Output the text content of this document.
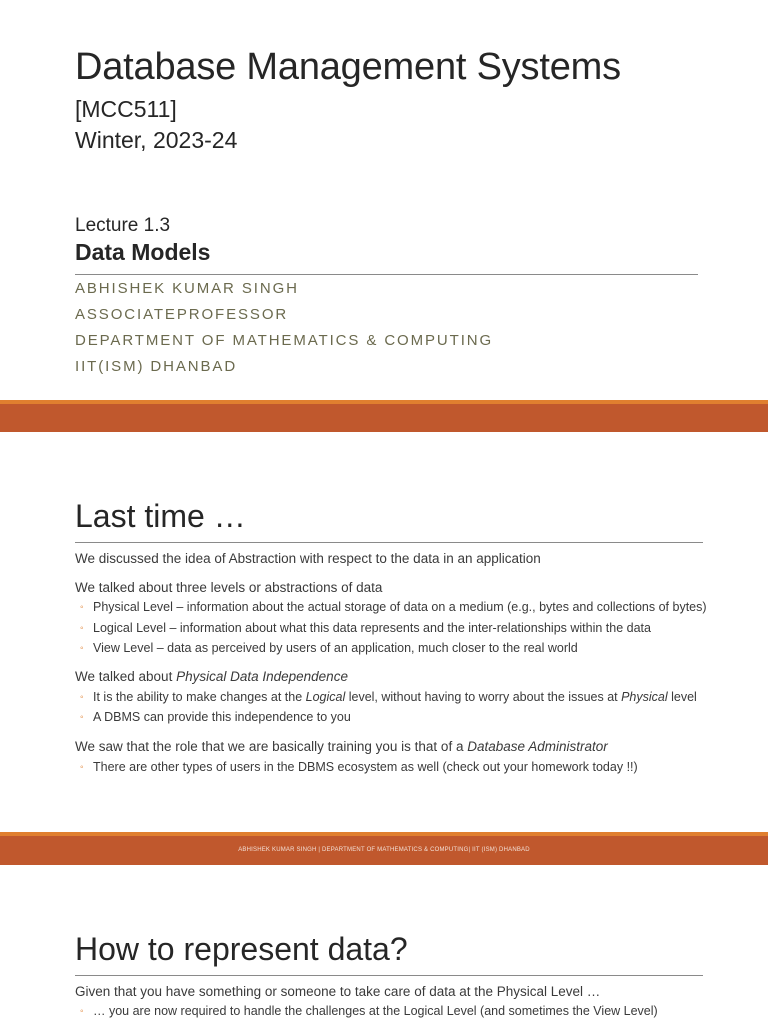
Database Management Systems
[MCC511]
Winter, 2023-24
Lecture 1.3
Data Models
ABHISHEK KUMAR SINGH
ASSOCIATEPROFESSOR
DEPARTMENT OF MATHEMATICS & COMPUTING
IIT(ISM) DHANBAD
Last time …
We discussed the idea of Abstraction with respect to the data in an application
We talked about three levels or abstractions of data
◦ Physical Level – information about the actual storage of data on a medium (e.g., bytes and collections of bytes)
◦ Logical Level – information about what this data represents and the inter-relationships within the data
◦ View Level – data as perceived by users of an application, much closer to the real world
We talked about Physical Data Independence
◦ It is the ability to make changes at the Logical level, without having to worry about the issues at Physical level
◦ A DBMS can provide this independence to you
We saw that the role that we are basically training you is that of a Database Administrator
◦ There are other types of users in the DBMS ecosystem as well (check out your homework today !!)
ABHISHEK KUMAR SINGH | DEPARTMENT OF MATHEMATICS & COMPUTING| IIT (ISM) DHANBAD
How to represent data?
Given that you have something or someone to take care of data at the Physical Level …
◦ … you are now required to handle the challenges at the Logical Level (and sometimes the View Level)
